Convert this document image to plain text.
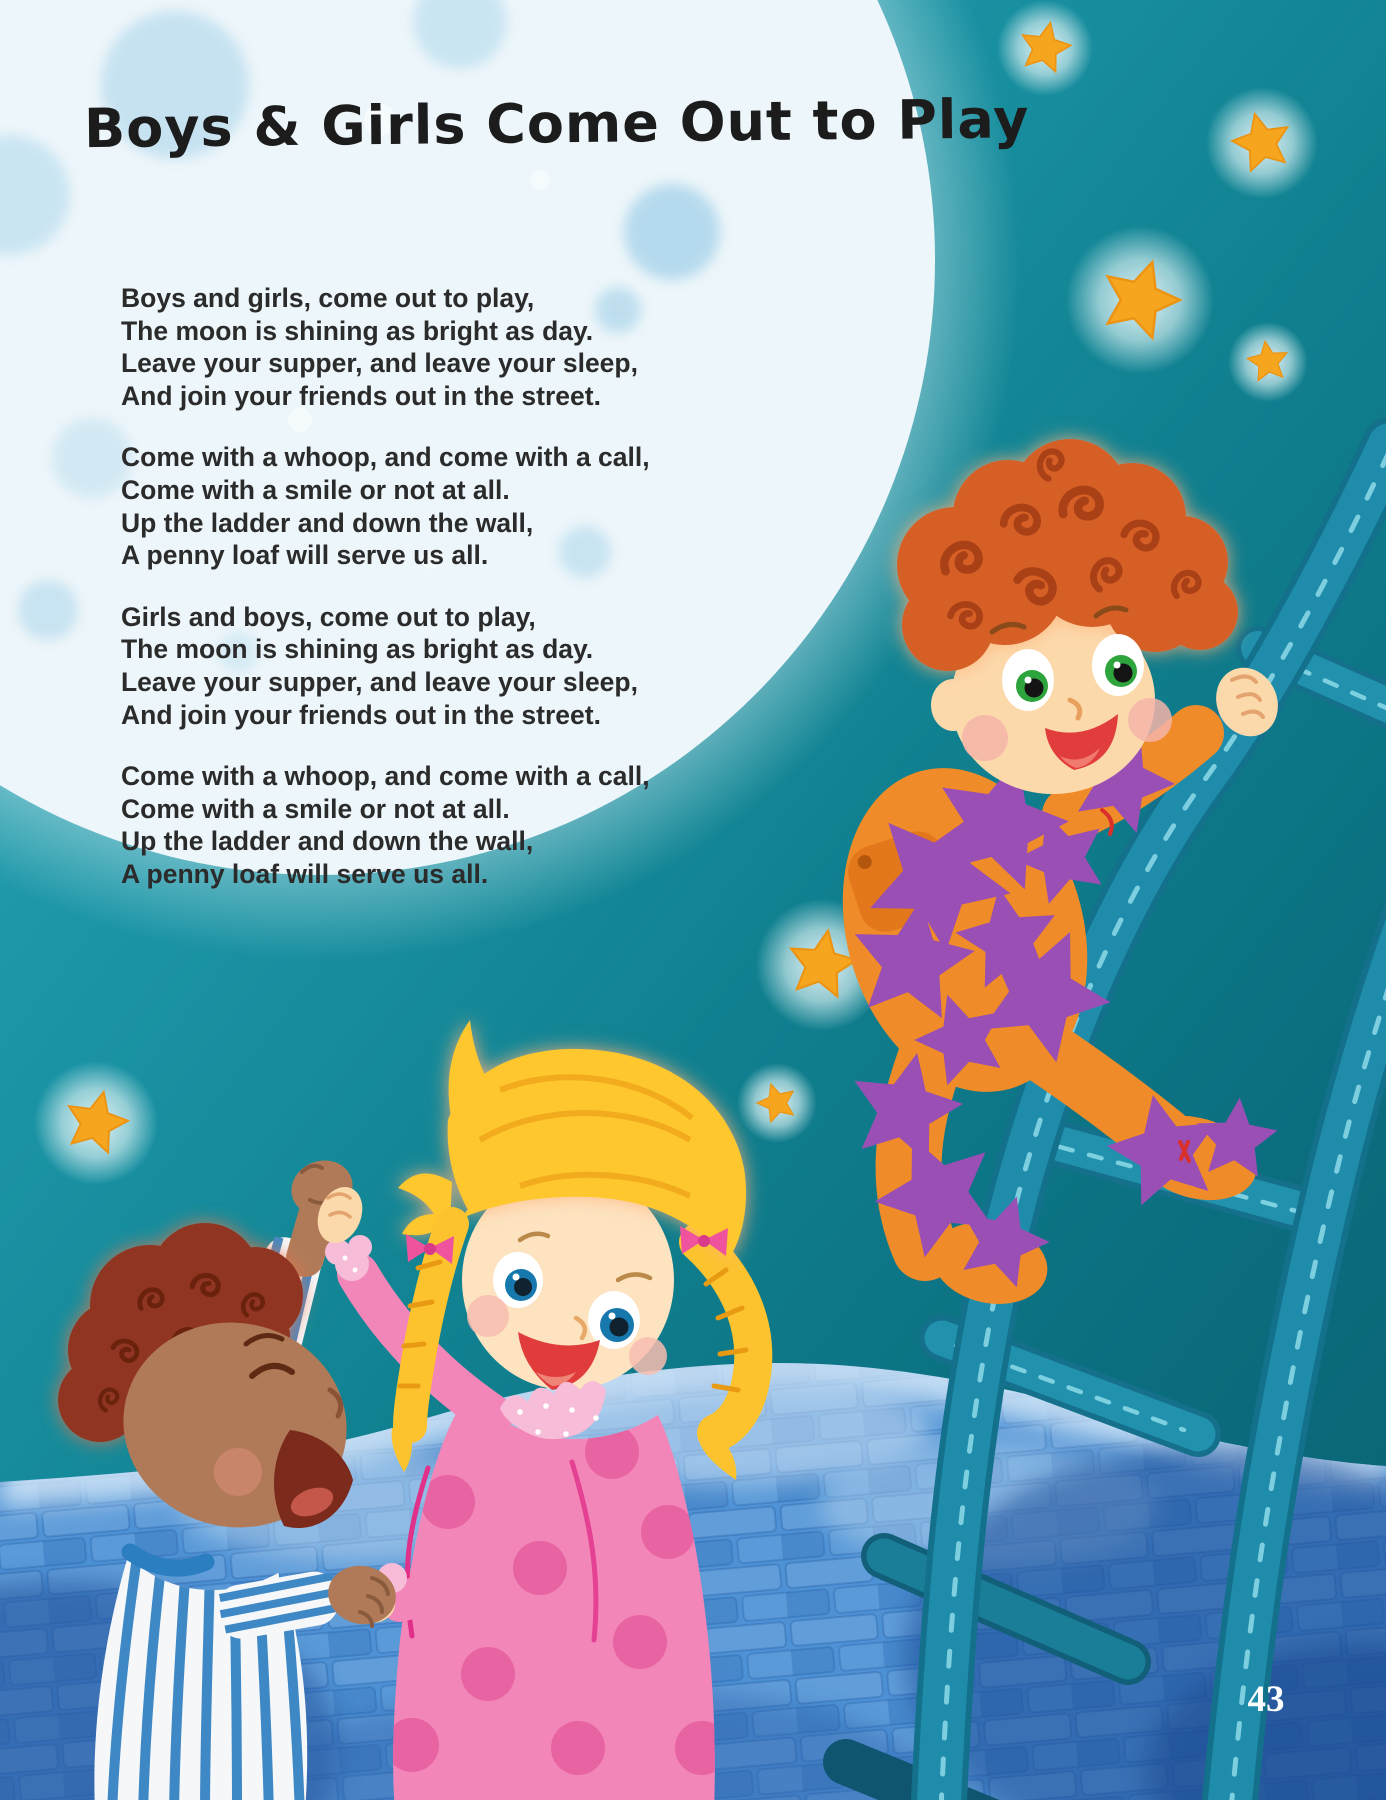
Boys & Girls Come Out to Play

Boys and girls, come out to play,
The moon is shining as bright as day.
Leave your supper, and leave your sleep,
And join your friends out in the street.

Come with a whoop, and come with a call,
Come with a smile or not at all.
Up the ladder and down the wall,
A penny loaf will serve us all.

Girls and boys, come out to play,
The moon is shining as bright as day.
Leave your supper, and leave your sleep,
And join your friends out in the street.

Come with a whoop, and come with a call,
Come with a smile or not at all.
Up the ladder and down the wall,
A penny loaf will serve us all.

43
